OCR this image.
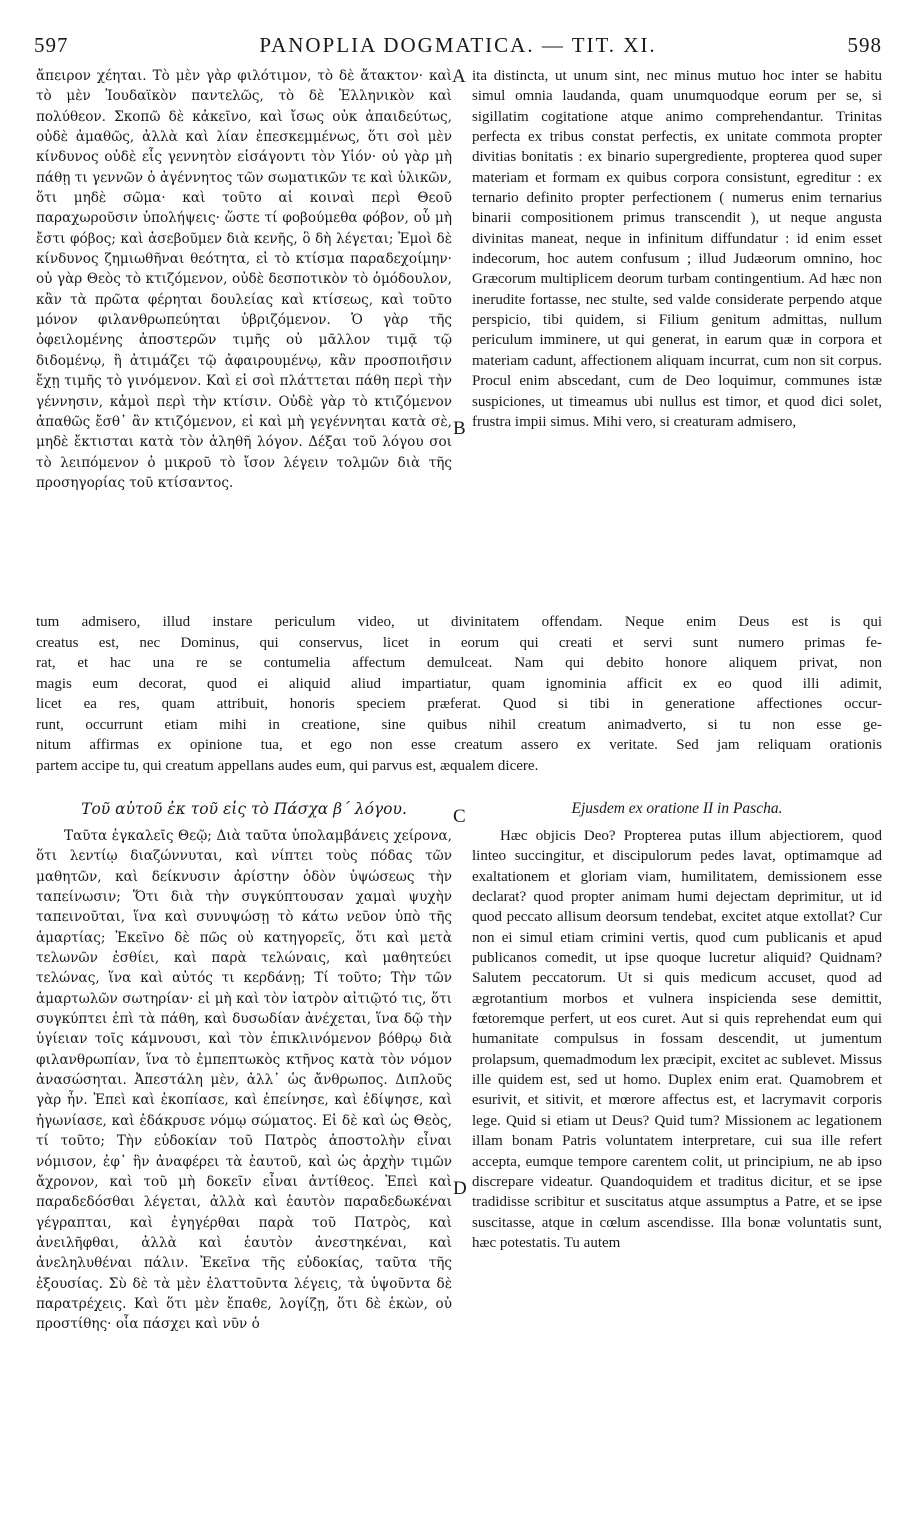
597	PANOPLIA DOGMATICA. — TIT. XI.	598

ἄπειρον χέηται. Τὸ μὲν γὰρ φιλότιμον, τὸ δὲ ἄτακτον· καὶ τὸ μὲν Ἰουδαϊκὸν παντελῶς, τὸ δὲ Ἑλληνικὸν καὶ πολύθεον. Σκοπῶ δὲ κἀκεῖνο, καὶ ἴσως οὐκ ἀπαιδεύτως, οὐδὲ ἀμαθῶς, ἀλλὰ καὶ λίαν ἐπεσκεμμένως, ὅτι σοὶ μὲν κίνδυνος οὐδὲ εἷς γεννητὸν εἰσάγοντι τὸν Υἱόν· οὐ γὰρ μὴ πάθῃ τι γεννῶν ὁ ἀγέννητος τῶν σωματικῶν τε καὶ ὑλικῶν, ὅτι μηδὲ σῶμα· καὶ τοῦτο αἱ κοιναὶ περὶ Θεοῦ παραχωροῦσιν ὑπολήψεις· ὥστε τί φοβούμεθα φόβον, οὗ μὴ ἔστι φόβος; καὶ ἀσεβοῦμεν διὰ κενῆς, ὃ δὴ λέγεται; Ἐμοὶ δὲ κίνδυνος ζημιωθῆναι θεότητα, εἰ τὸ κτίσμα παραδεχοίμην· οὐ γὰρ Θεὸς τὸ κτιζόμενον, οὐδὲ δεσποτικὸν τὸ ὁμόδουλον, κἂν τὰ πρῶτα φέρηται δουλείας καὶ κτίσεως, καὶ τοῦτο μόνον φιλανθρωπεύηται ὑβριζόμενον. Ὁ γὰρ τῆς ὀφειλομένης ἀποστερῶν τιμῆς οὐ μᾶλλον τιμᾷ τῷ διδομένῳ, ἢ ἀτιμάζει τῷ ἀφαιρουμένῳ, κἂν προσποιῆσιν ἔχῃ τιμῆς τὸ γινόμενον. Καὶ εἰ σοὶ πλάττεται πάθη περὶ τὴν γέννησιν, κἀμοὶ περὶ τὴν κτίσιν. Οὐδὲ γὰρ τὸ κτιζόμενον ἀπαθῶς ἔσθ᾽ ἂν κτιζόμενον, εἰ καὶ μὴ γεγέννηται κατὰ σὲ, μηδὲ ἔκτισται κατὰ τὸν ἀληθῆ λόγον. Δέξαι τοῦ λόγου σοι τὸ λειπόμενον ὁ μικροῦ τὸ ἴσον λέγειν τολμῶν διὰ τῆς προσηγορίας τοῦ κτίσαντος.

ita distincta, ut unum sint, nec minus mutuo hoc inter se habitu simul omnia laudanda, quam unumquodque eorum per se, si sigillatim cogitatione atque animo comprehendantur. Trinitas perfecta ex tribus constat perfectis, ex unitate commota propter divitias bonitatis : ex binario supergrediente, propterea quod super materiam et formam ex quibus corpora consistunt, egreditur : ex ternario definito propter perfectionem ( numerus enim ternarius binarii compositionem primus transcendit ), ut neque angusta divinitas maneat, neque in infinitum diffundatur : id enim esset indecorum, hoc autem confusum ; illud Judæorum omnino, hoc Græcorum multiplicem deorum turbam contingentium. Ad hæc non inerudite fortasse, nec stulte, sed valde considerate perpendo atque perspicio, tibi quidem, si Filium genitum admittas, nullum periculum imminere, ut qui generat, in earum quæ in corpora et materiam cadunt, affectionem aliquam incurrat, cum non sit corpus. Procul enim abscedant, cum de Deo loquimur, communes istæ suspiciones, ut timeamus ubi nullus est timor, et quod dici solet, frustra impii simus. Mihi vero, si creaturam admisero,

A
B
C
D
tum admisero, illud instare periculum video, ut divinitatem offendam. Neque enim Deus est is qui
creatus est, nec Dominus, qui conservus, licet in eorum qui creati et servi sunt numero primas fe-
rat, et hac una re se contumelia affectum demulceat. Nam qui debito honore aliquem privat, non
magis eum decorat, quod ei aliquid aliud impartiatur, quam ignominia afficit ex eo quod illi adimit,
licet ea res, quam attribuit, honoris speciem præferat. Quod si tibi in generatione affectiones occur-
runt, occurrunt etiam mihi in creatione, sine quibus nihil creatum animadverto, si tu non esse ge-
nitum affirmas ex opinione tua, et ego non esse creatum assero ex veritate. Sed jam reliquam orationis
partem accipe tu, qui creatum appellans audes eum, qui parvus est, æqualem dicere.
Τοῦ αὐτοῦ ἐκ τοῦ εἰς τὸ Πάσχα β΄ λόγου.	Ejusdem ex oratione II in Pascha.

Ταῦτα ἐγκαλεῖς Θεῷ; Διὰ ταῦτα ὑπολαμβάνεις χείρονα, ὅτι λεντίῳ διαζώννυται, καὶ νίπτει τοὺς πόδας τῶν μαθητῶν, καὶ δείκνυσιν ἀρίστην ὁδὸν ὑψώσεως τὴν ταπείνωσιν; Ὅτι διὰ τὴν συγκύπτουσαν χαμαὶ ψυχὴν ταπεινοῦται, ἵνα καὶ συνυψώσῃ τὸ κάτω νεῦον ὑπὸ τῆς ἁμαρτίας; Ἐκεῖνο δὲ πῶς οὐ κατηγορεῖς, ὅτι καὶ μετὰ τελωνῶν ἐσθίει, καὶ παρὰ τελώναις, καὶ μαθητεύει τελώνας, ἵνα καὶ αὐτός τι κερδάνῃ; Τί τοῦτο; Τὴν τῶν ἁμαρτωλῶν σωτηρίαν· εἰ μὴ καὶ τὸν ἰατρὸν αἰτιῷτό τις, ὅτι συγκύπτει ἐπὶ τὰ πάθη, καὶ δυσωδίαν ἀνέχεται, ἵνα δῷ τὴν ὑγίειαν τοῖς κάμνουσι, καὶ τὸν ἐπικλινόμενον βόθρῳ διὰ φιλανθρωπίαν, ἵνα τὸ ἐμπεπτωκὸς κτῆνος κατὰ τὸν νόμον ἀνασώσηται. Ἀπεστάλη μὲν, ἀλλ᾽ ὡς ἄνθρωπος. Διπλοῦς γὰρ ἦν. Ἐπεὶ καὶ ἐκοπίασε, καὶ ἐπείνησε, καὶ ἐδίψησε, καὶ ἠγωνίασε, καὶ ἐδάκρυσε νόμῳ σώματος. Εἰ δὲ καὶ ὡς Θεὸς, τί τοῦτο; Τὴν εὐδοκίαν τοῦ Πατρὸς ἀποστολὴν εἶναι νόμισον, ἐφ᾽ ἣν ἀναφέρει τὰ ἑαυτοῦ, καὶ ὡς ἀρχὴν τιμῶν ἄχρονον, καὶ τοῦ μὴ δοκεῖν εἶναι ἀντίθεος. Ἐπεὶ καὶ παραδεδόσθαι λέγεται, ἀλλὰ καὶ ἑαυτὸν παραδεδωκέναι γέγραπται, καὶ ἐγηγέρθαι παρὰ τοῦ Πατρὸς, καὶ ἀνειλῆφθαι, ἀλλὰ καὶ ἑαυτὸν ἀνεστηκέναι, καὶ ἀνεληλυθέναι πάλιν. Ἐκεῖνα τῆς εὐδοκίας, ταῦτα τῆς ἐξουσίας. Σὺ δὲ τὰ μὲν ἐλαττοῦντα λέγεις, τὰ ὑψοῦντα δὲ παρατρέχεις. Καὶ ὅτι μὲν ἔπαθε, λογίζῃ, ὅτι δὲ ἑκὼν, οὐ προστίθης· οἷα πάσχει καὶ νῦν ὁ

Hæc objicis Deo? Propterea putas illum abjectiorem, quod linteo succingitur, et discipulorum pedes lavat, optimamque ad exaltationem et gloriam viam, humilitatem, demissionem esse declarat? quod propter animam humi dejectam deprimitur, ut id quod peccato allisum deorsum tendebat, excitet atque extollat? Cur non ei simul etiam crimini vertis, quod cum publicanis et apud publicanos comedit, ut ipse quoque lucretur aliquid? Quidnam? Salutem peccatorum. Ut si quis medicum accuset, quod ad ægrotantium morbos et vulnera inspicienda sese demittit, fœtoremque perfert, ut eos curet. Aut si quis reprehendat eum qui humanitate compulsus in fossam descendit, ut jumentum prolapsum, quemadmodum lex præcipit, excitet ac sublevet. Missus ille quidem est, sed ut homo. Duplex enim erat. Quamobrem et esurivit, et sitivit, et mœrore affectus est, et lacrymavit corporis lege. Quid si etiam ut Deus? Quid tum? Missionem ac legationem illam bonam Patris voluntatem interpretare, cui sua ille refert accepta, eumque tempore carentem colit, ut principium, ne ab ipso discrepare videatur. Quandoquidem et traditus dicitur, et se ipse tradidisse scribitur et suscitatus atque assumptus a Patre, et se ipse suscitasse, atque in cœlum ascendisse. Illa bonæ voluntatis sunt, hæc potestatis. Tu autem
